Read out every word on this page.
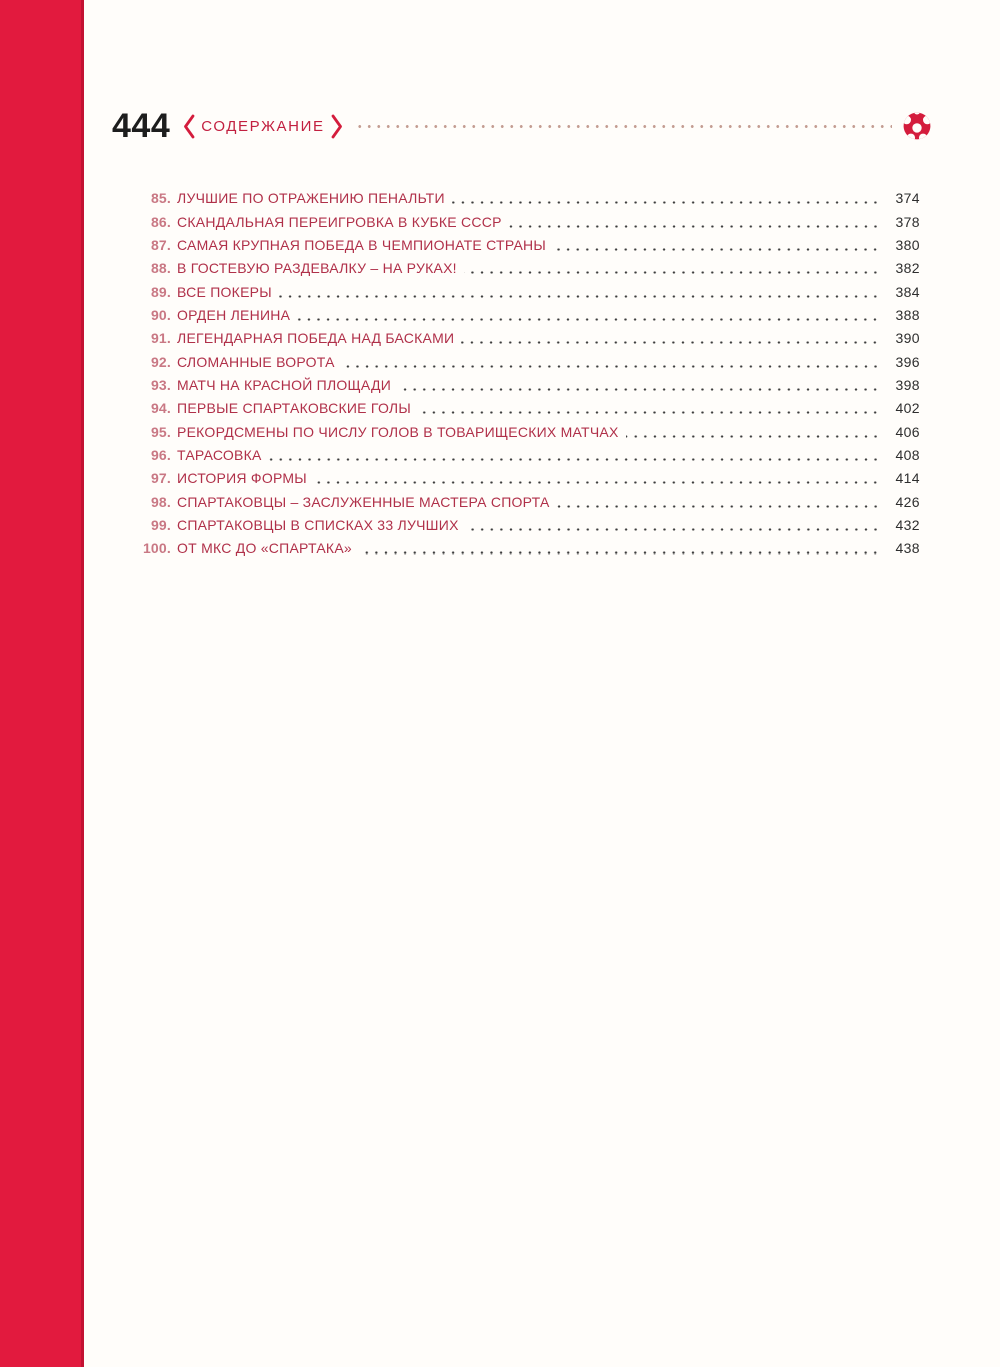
444 СОДЕРЖАНИЕ
85. ЛУЧШИЕ ПО ОТРАЖЕНИЮ ПЕНАЛЬТИ	374
86. СКАНДАЛЬНАЯ ПЕРЕИГРОВКА В КУБКЕ СССР	378
87. САМАЯ КРУПНАЯ ПОБЕДА В ЧЕМПИОНАТЕ СТРАНЫ	380
88. В ГОСТЕВУЮ РАЗДЕВАЛКУ – НА РУКАХ!	382
89. ВСЕ ПОКЕРЫ	384
90. ОРДЕН ЛЕНИНА	388
91. ЛЕГЕНДАРНАЯ ПОБЕДА НАД БАСКАМИ	390
92. СЛОМАННЫЕ ВОРОТА	396
93. МАТЧ НА КРАСНОЙ ПЛОЩАДИ	398
94. ПЕРВЫЕ СПАРТАКОВСКИЕ ГОЛЫ	402
95. РЕКОРДСМЕНЫ ПО ЧИСЛУ ГОЛОВ В ТОВАРИЩЕСКИХ МАТЧАХ	406
96. ТАРАСОВКА	408
97. ИСТОРИЯ ФОРМЫ	414
98. СПАРТАКОВЦЫ – ЗАСЛУЖЕННЫЕ МАСТЕРА СПОРТА	426
99. СПАРТАКОВЦЫ В СПИСКАХ 33 ЛУЧШИХ	432
100. ОТ МКС ДО «СПАРТАКА»	438
